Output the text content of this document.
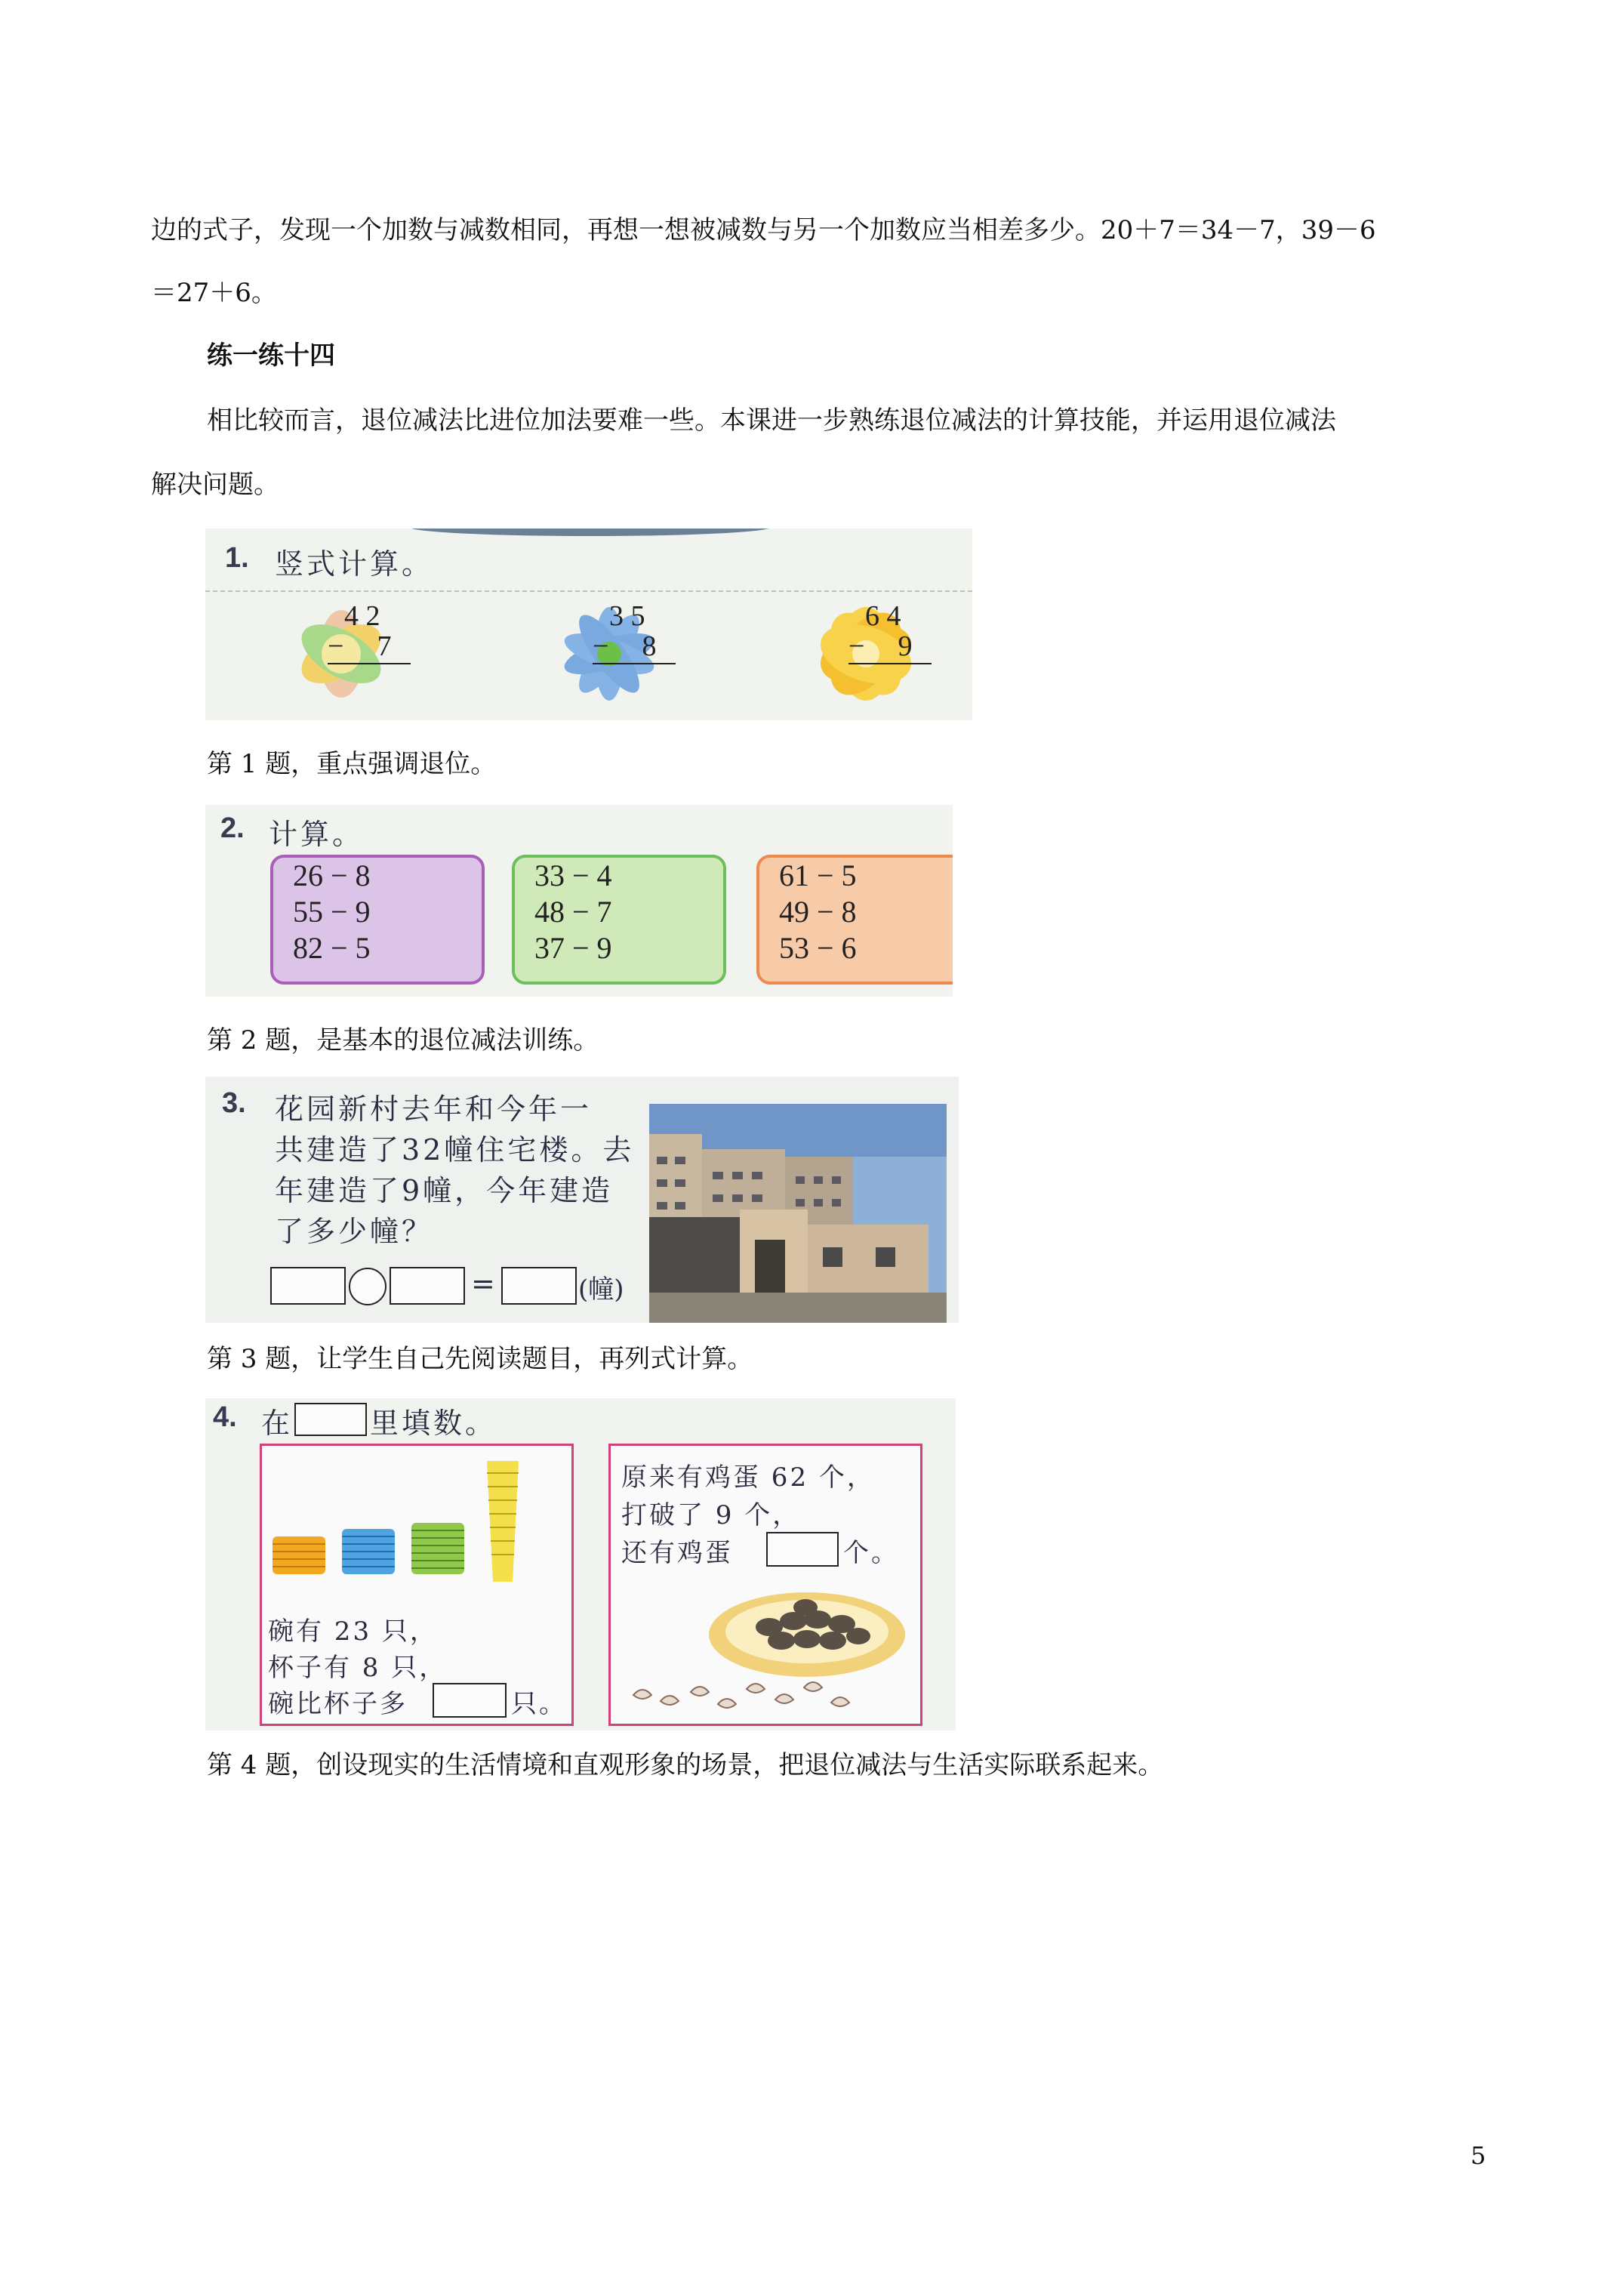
边的式子，发现一个加数与减数相同，再想一想被减数与另一个加数应当相差多少。20＋7＝34－7，39－6
＝27＋6。
练一练十四
相比较而言，退位减法比进位加法要难一些。本课进一步熟练退位减法的计算技能，并运用退位减法
解决问题。
1. 竖式计算。
4 2
− 7
3 5
− 8
6 4
− 9
第 1 题，重点强调退位。
2. 计算。
26 − 8
55 − 9
82 − 5
33 − 4
48 − 7
37 − 9
61 − 5
49 − 8
53 − 6
第 2 题，是基本的退位减法训练。
3. 花园新村去年和今年一
共建造了32幢住宅楼。去
年建造了9幢，今年建造
了多少幢？
=	(幢)
第 3 题，让学生自己先阅读题目，再列式计算。
4. 在	里填数。
碗有 23 只，
杯子有 8 只，
碗比杯子多	只。
原来有鸡蛋 62 个，
打破了 9 个，
还有鸡蛋	个。
第 4 题，创设现实的生活情境和直观形象的场景，把退位减法与生活实际联系起来。
5
